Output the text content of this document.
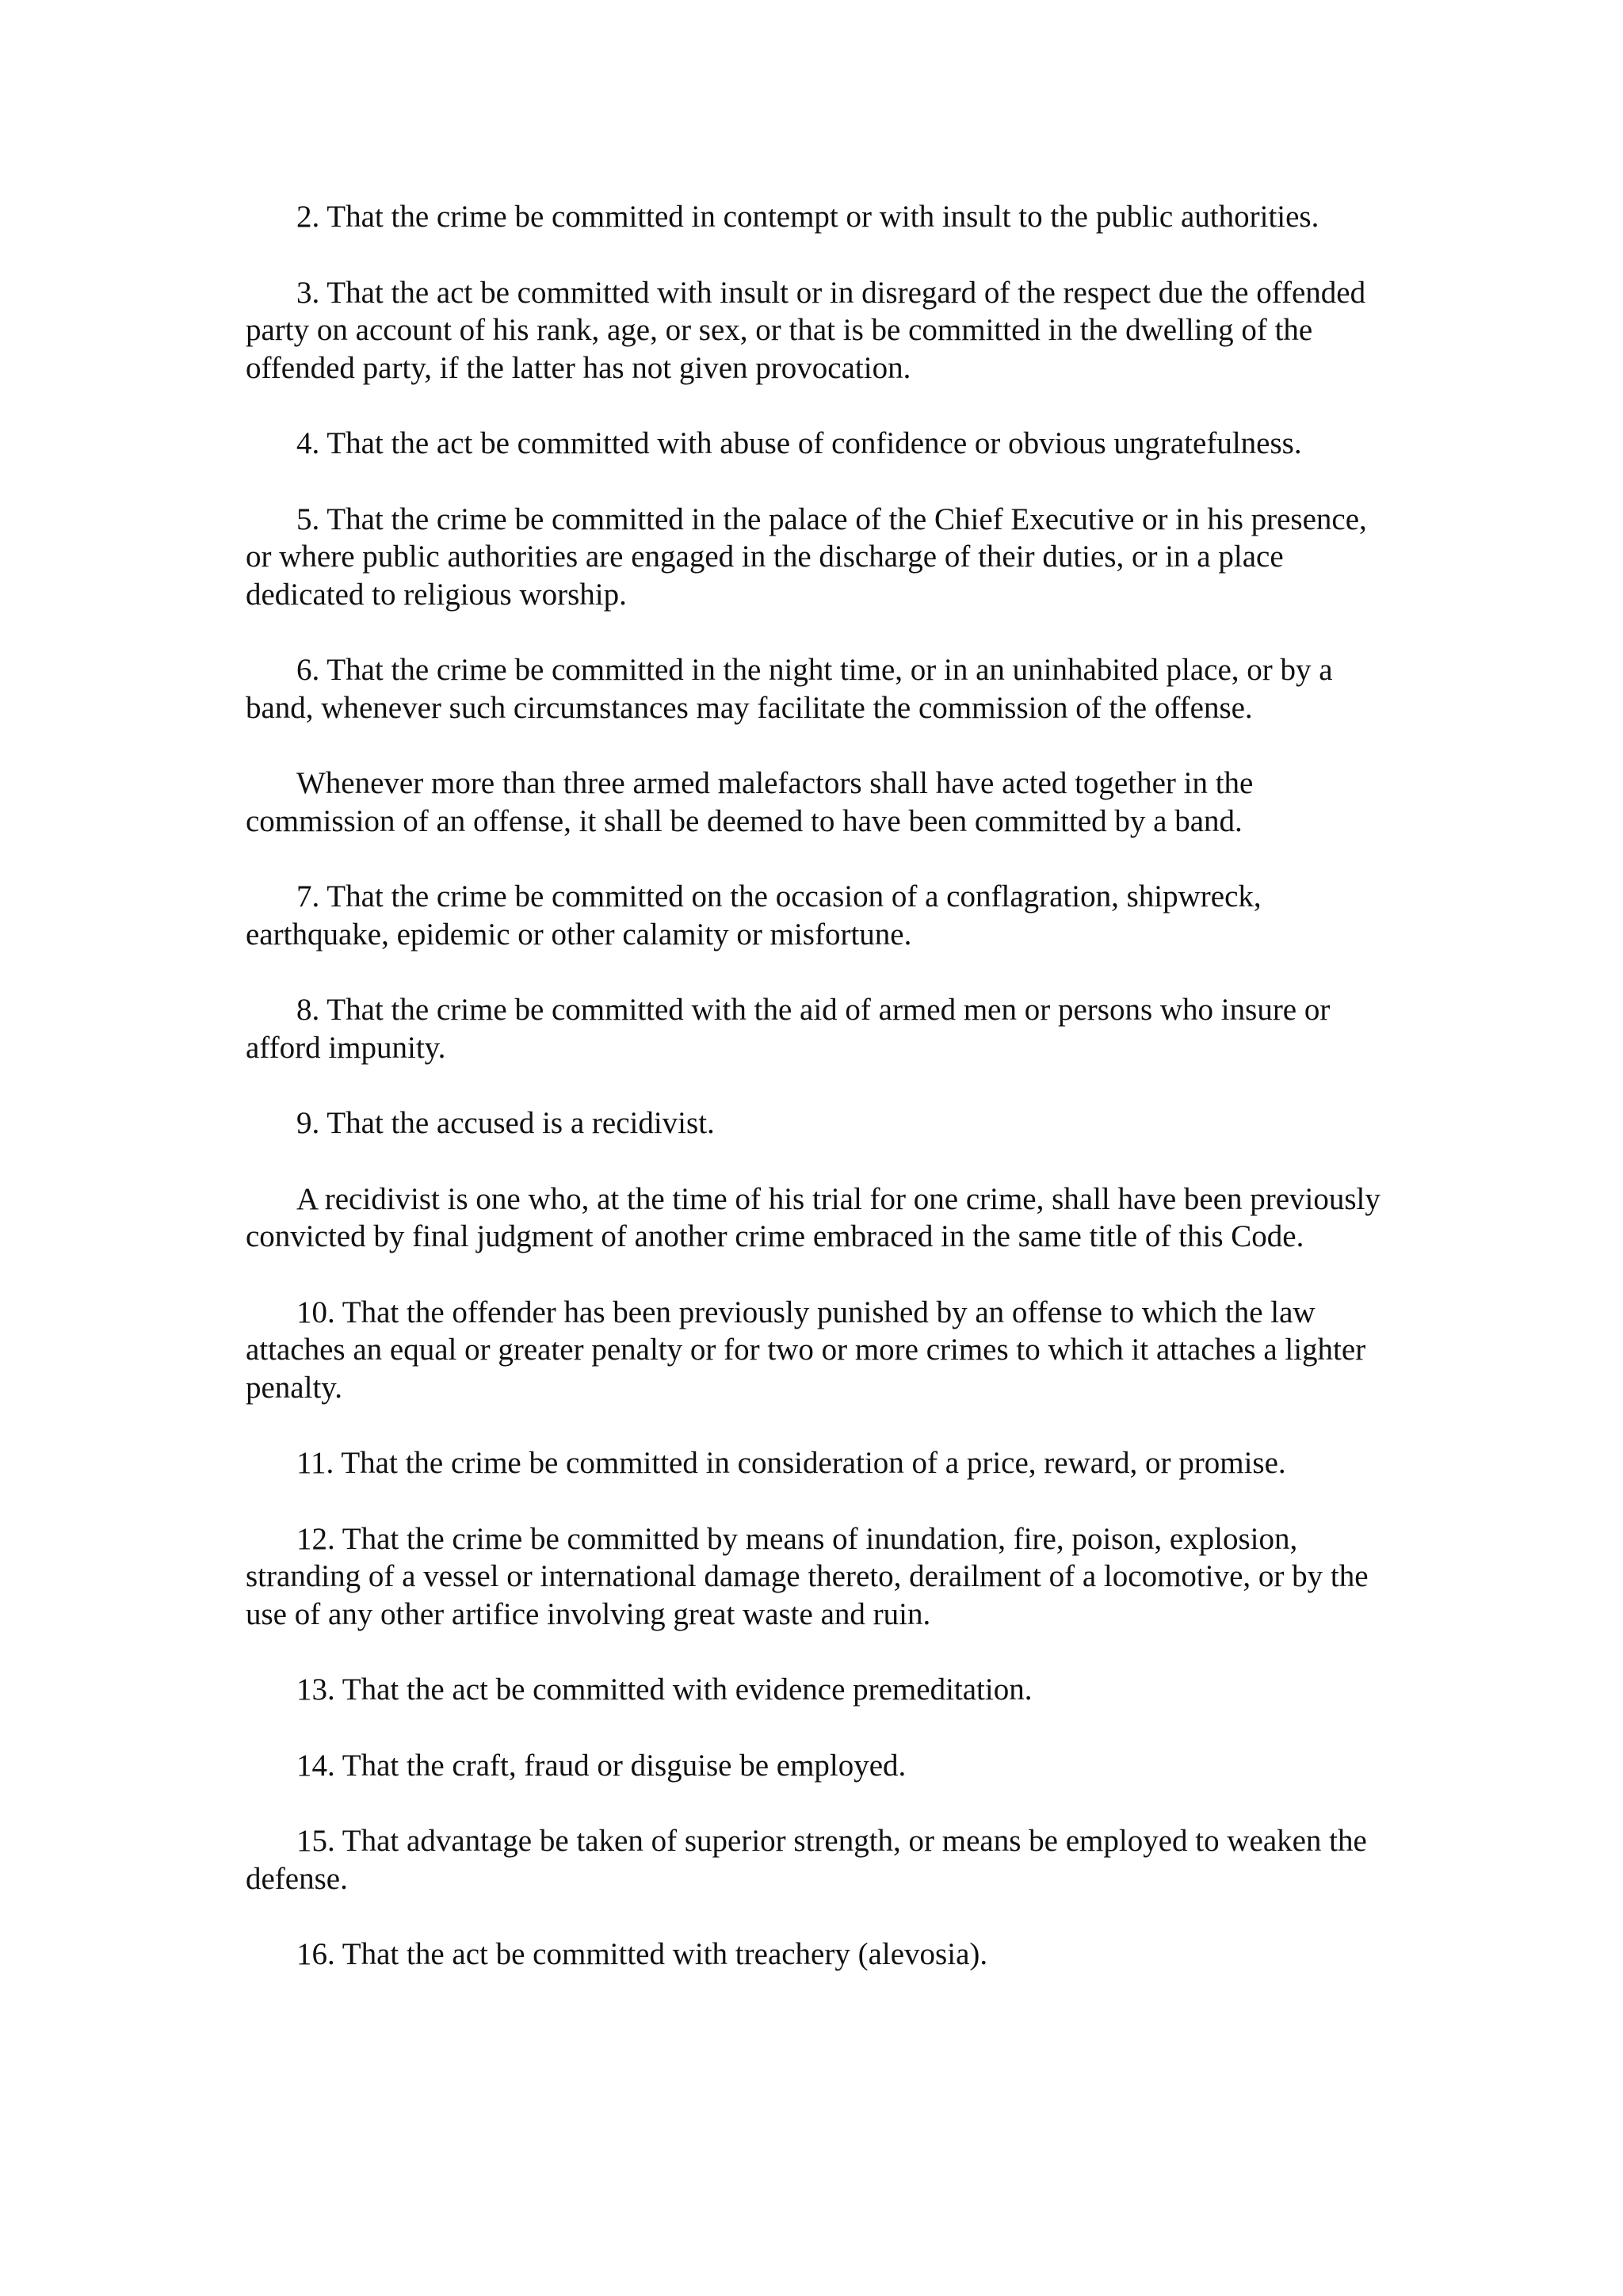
2. That the crime be committed in contempt or with insult to the public authorities.

3. That the act be committed with insult or in disregard of the respect due the offended party on account of his rank, age, or sex, or that is be committed in the dwelling of the offended party, if the latter has not given provocation.

4. That the act be committed with abuse of confidence or obvious ungratefulness.

5. That the crime be committed in the palace of the Chief Executive or in his presence, or where public authorities are engaged in the discharge of their duties, or in a place dedicated to religious worship.

6. That the crime be committed in the night time, or in an uninhabited place, or by a band, whenever such circumstances may facilitate the commission of the offense.

Whenever more than three armed malefactors shall have acted together in the commission of an offense, it shall be deemed to have been committed by a band.

7. That the crime be committed on the occasion of a conflagration, shipwreck, earthquake, epidemic or other calamity or misfortune.

8. That the crime be committed with the aid of armed men or persons who insure or afford impunity.

9. That the accused is a recidivist.

A recidivist is one who, at the time of his trial for one crime, shall have been previously convicted by final judgment of another crime embraced in the same title of this Code.

10. That the offender has been previously punished by an offense to which the law attaches an equal or greater penalty or for two or more crimes to which it attaches a lighter penalty.

11. That the crime be committed in consideration of a price, reward, or promise.

12. That the crime be committed by means of inundation, fire, poison, explosion, stranding of a vessel or international damage thereto, derailment of a locomotive, or by the use of any other artifice involving great waste and ruin.

13. That the act be committed with evidence premeditation.

14. That the craft, fraud or disguise be employed.

15. That advantage be taken of superior strength, or means be employed to weaken the defense.

16. That the act be committed with treachery (alevosia).
